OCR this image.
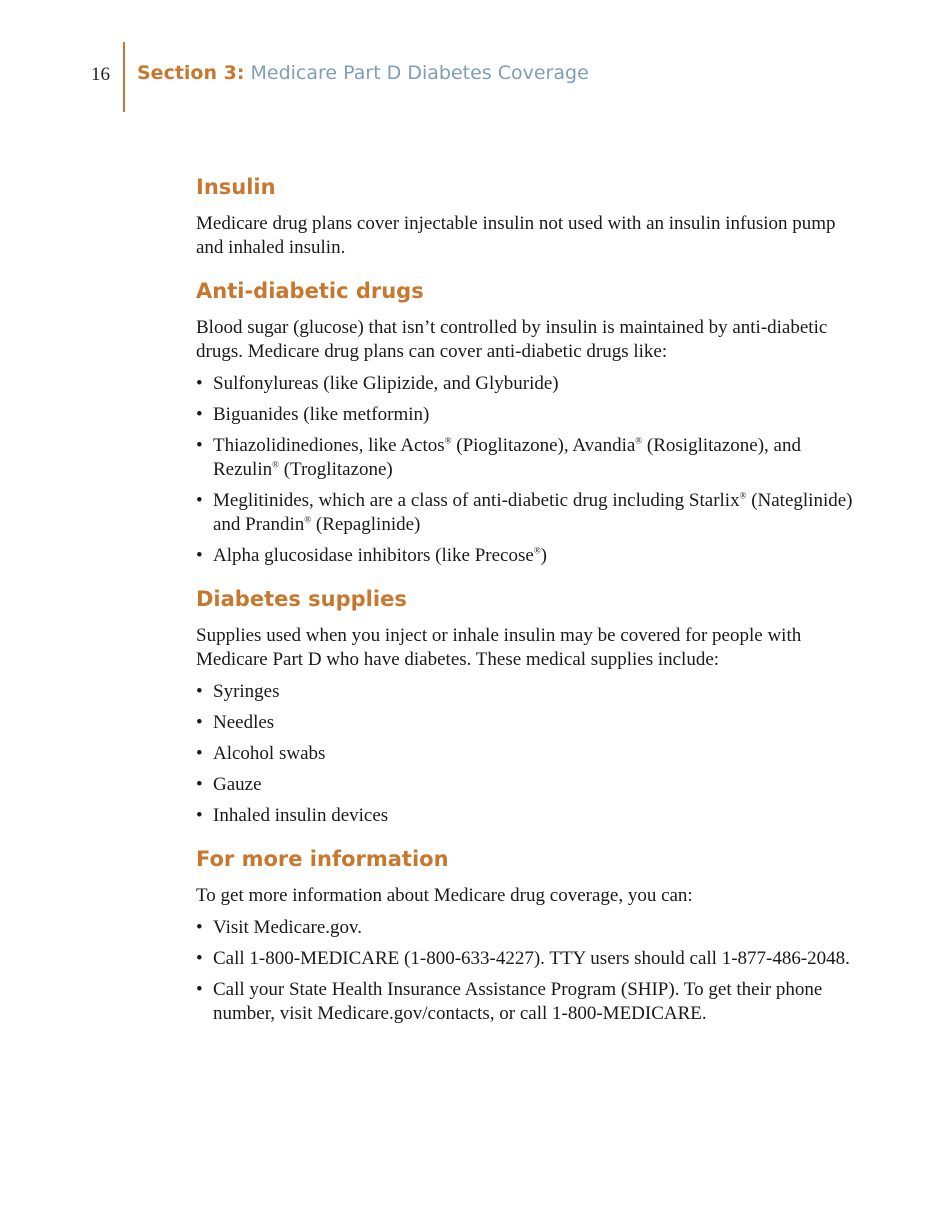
16 Section 3: Medicare Part D Diabetes Coverage
Insulin

Medicare drug plans cover injectable insulin not used with an insulin infusion pump and inhaled insulin.

Anti-diabetic drugs

Blood sugar (glucose) that isn’t controlled by insulin is maintained by anti-diabetic drugs. Medicare drug plans can cover anti-diabetic drugs like:

• Sulfonylureas (like Glipizide, and Glyburide)
• Biguanides (like metformin)
• Thiazolidinediones, like Actos® (Pioglitazone), Avandia® (Rosiglitazone), and Rezulin® (Troglitazone)
• Meglitinides, which are a class of anti-diabetic drug including Starlix® (Nateglinide) and Prandin® (Repaglinide)
• Alpha glucosidase inhibitors (like Precose®)
Diabetes supplies

Supplies used when you inject or inhale insulin may be covered for people with Medicare Part D who have diabetes. These medical supplies include:

• Syringes
• Needles
• Alcohol swabs
• Gauze
• Inhaled insulin devices
For more information

To get more information about Medicare drug coverage, you can:

• Visit Medicare.gov.
• Call 1-800-MEDICARE (1-800-633-4227). TTY users should call 1-877-486-2048.
• Call your State Health Insurance Assistance Program (SHIP). To get their phone number, visit Medicare.gov/contacts, or call 1-800-MEDICARE.
